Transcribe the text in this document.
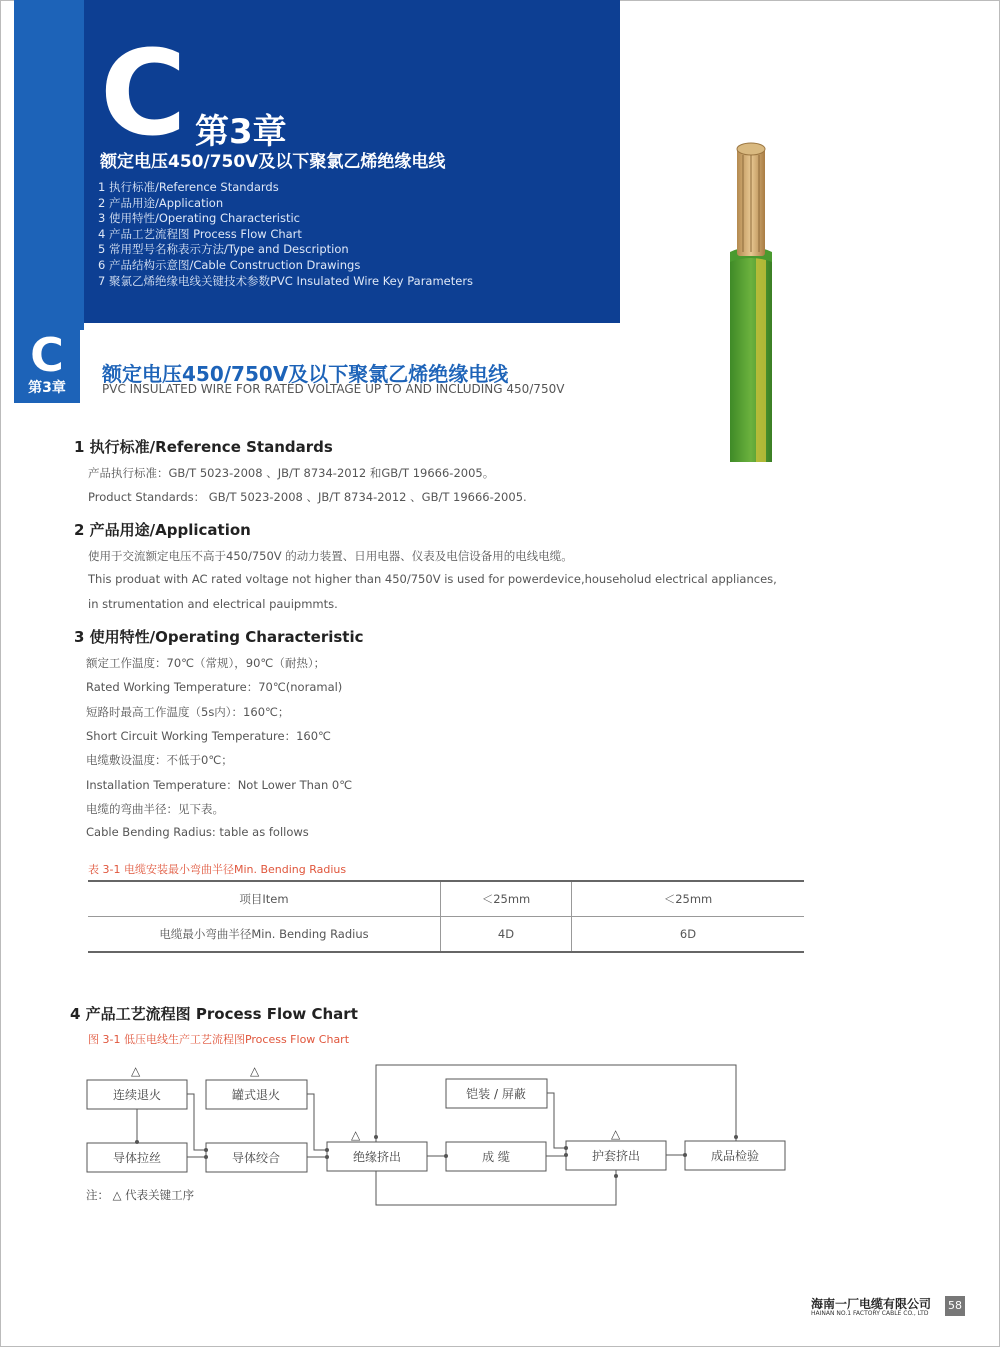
C 第3章
额定电压450/750V及以下聚氯乙烯绝缘电线
1 执行标准/Reference Standards
2 产品用途/Application
3 使用特性/Operating Characteristic
4 产品工艺流程图 Process Flow Chart
5 常用型号名称表示方法/Type and Description
6 产品结构示意图/Cable Construction Drawings
7 聚氯乙烯绝缘电线关键技术参数PVC Insulated Wire Key Parameters
C
第3章
额定电压450/750V及以下聚氯乙烯绝缘电线
PVC INSULATED WIRE FOR RATED VOLTAGE UP TO AND INCLUDING 450/750V
1 执行标准/Reference Standards
产品执行标准：GB/T 5023-2008 、JB/T 8734-2012 和GB/T 19666-2005。
Product Standards： GB/T 5023-2008 、JB/T 8734-2012 、GB/T 19666-2005.
2 产品用途/Application
使用于交流额定电压不高于450/750V 的动力装置、日用电器、仪表及电信设备用的电线电缆。
This produat with AC rated voltage not higher than 450/750V is used for powerdevice,householud electrical appliances,
in strumentation and electrical pauipmmts.
3 使用特性/Operating Characteristic
额定工作温度：70℃（常规），90℃（耐热）；
Rated Working Temperature：70℃(noramal)
短路时最高工作温度（5s内）：160℃；
Short Circuit Working Temperature：160℃
电缆敷设温度：不低于0℃；
Installation Temperature：Not Lower Than 0℃
电缆的弯曲半径：见下表。
Cable Bending Radius: table as follows
表 3-1 电缆安装最小弯曲半径Min. Bending Radius
项目Item	＜25mm	＜25mm
电缆最小弯曲半径Min. Bending Radius	4D	6D
4 产品工艺流程图 Process Flow Chart
图 3-1 低压电线生产工艺流程图Process Flow Chart
△	△
△	△
连续退火	罐式退火
导体拉丝	导体绞合	绝缘挤出	成 缆
铠装 / 屏蔽
护套挤出	成品检验
注： △ 代表关键工序
海南一厂电缆有限公司
HAINAN NO.1 FACTORY CABLE CO., LTD
58
